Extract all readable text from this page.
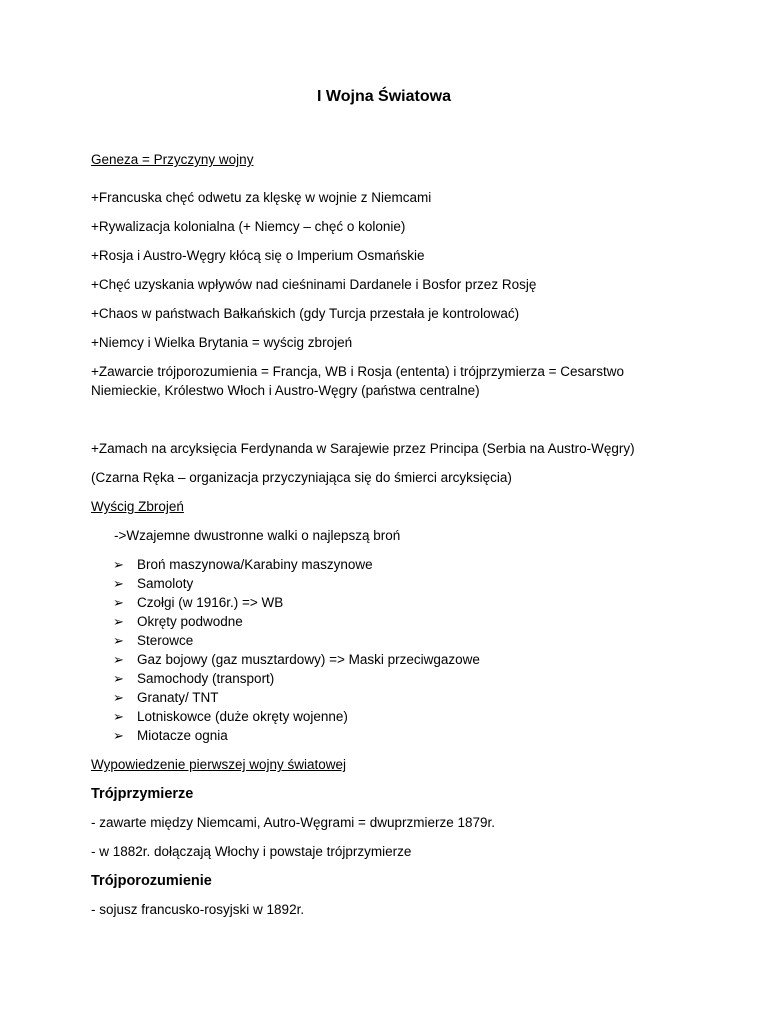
I Wojna Światowa

Geneza = Przyczyny wojny

+Francuska chęć odwetu za klęskę w wojnie z Niemcami

+Rywalizacja kolonialna (+ Niemcy – chęć o kolonie)

+Rosja i Austro-Węgry kłócą się o Imperium Osmańskie

+Chęć uzyskania wpływów nad cieśninami Dardanele i Bosfor przez Rosję

+Chaos w państwach Bałkańskich (gdy Turcja przestała je kontrolować)

+Niemcy i Wielka Brytania = wyścig zbrojeń

+Zawarcie trójporozumienia = Francja, WB i Rosja (ententa) i trójprzymierza = Cesarstwo Niemieckie, Królestwo Włoch i Austro-Węgry (państwa centralne)

+Zamach na arcyksięcia Ferdynanda w Sarajewie przez Principa (Serbia na Austro-Węgry)

(Czarna Ręka – organizacja przyczyniająca się do śmierci arcyksięcia)

Wyścig Zbrojeń

->Wzajemne dwustronne walki o najlepszą broń

➢ Broń maszynowa/Karabiny maszynowe
➢ Samoloty
➢ Czołgi (w 1916r.) => WB
➢ Okręty podwodne
➢ Sterowce
➢ Gaz bojowy (gaz musztardowy) => Maski przeciwgazowe
➢ Samochody (transport)
➢ Granaty/ TNT
➢ Lotniskowce (duże okręty wojenne)
➢ Miotacze ognia

Wypowiedzenie pierwszej wojny światowej

Trójprzymierze

- zawarte między Niemcami, Autro-Węgrami = dwuprzmierze 1879r.

- w 1882r. dołączają Włochy i powstaje trójprzymierze

Trójporozumienie

- sojusz francusko-rosyjski w 1892r.
